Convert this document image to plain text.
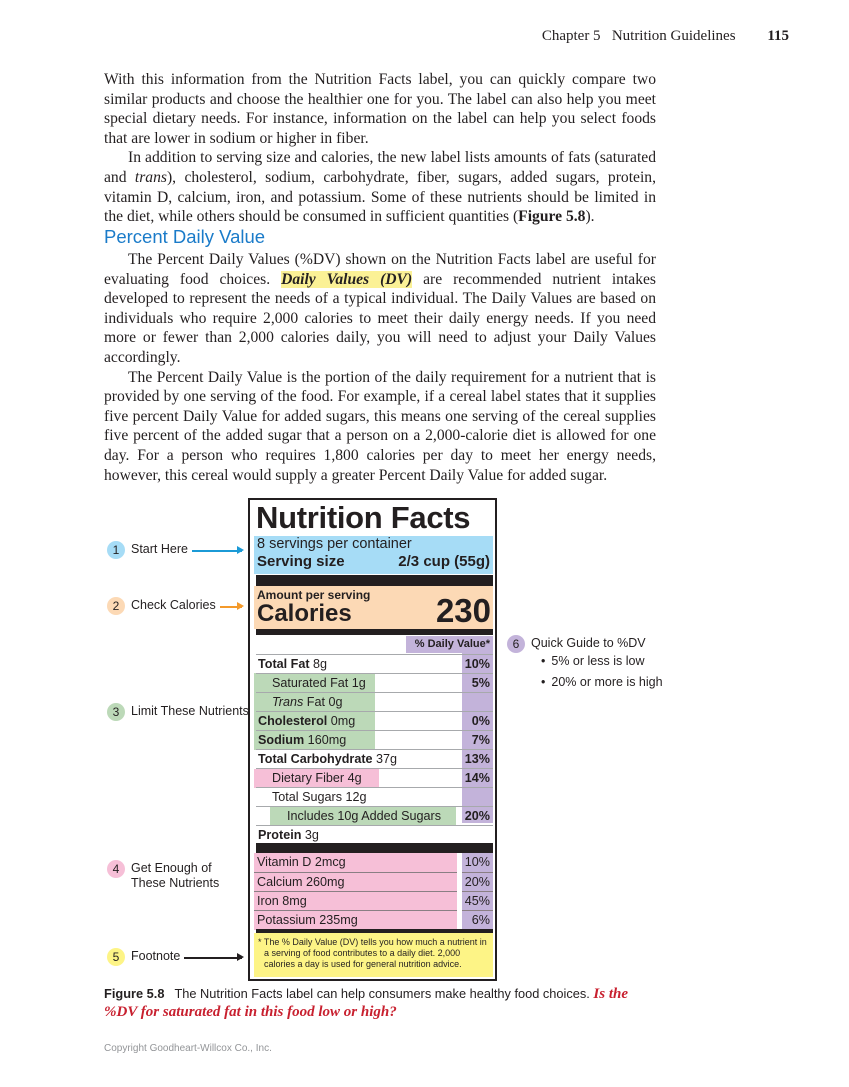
Chapter 5 Nutrition Guidelines 115

With this information from the Nutrition Facts label, you can quickly compare two similar products and choose the healthier one for you. The label can also help you meet special dietary needs. For instance, information on the label can help you select foods that are lower in sodium or higher in fiber.

In addition to serving size and calories, the new label lists amounts of fats (saturated and trans), cholesterol, sodium, carbohydrate, fiber, sugars, added sugars, protein, vitamin D, calcium, iron, and potassium. Some of these nutrients should be limited in the diet, while others should be consumed in sufficient quantities (Figure 5.8).

Percent Daily Value

The Percent Daily Values (%DV) shown on the Nutrition Facts label are useful for evaluating food choices. Daily Values (DV) are recommended nutrient intakes developed to represent the needs of a typical individual. The Daily Values are based on individuals who require 2,000 calories to meet their daily energy needs. If you need more or fewer than 2,000 calories daily, you will need to adjust your Daily Values accordingly.

The Percent Daily Value is the portion of the daily requirement for a nutrient that is provided by one serving of the food. For example, if a cereal label states that it supplies five percent Daily Value for added sugars, this means one serving of the cereal supplies five percent of the added sugar that a person on a 2,000-calorie diet is allowed for one day. For a person who requires 1,800 calories per day to meet her energy needs, however, this cereal would supply a greater Percent Daily Value for added sugar.

Nutrition Facts
8 servings per container
Serving size	2/3 cup (55g)
Amount per serving
Calories	230
% Daily Value*
Total Fat 8g	10%
Saturated Fat 1g	5%
Trans Fat 0g
Cholesterol 0mg	0%
Sodium 160mg	7%
Total Carbohydrate 37g	13%
Dietary Fiber 4g	14%
Total Sugars 12g
Includes 10g Added Sugars 20%
Protein 3g
Vitamin D 2mcg	10%
Calcium 260mg	20%
Iron 8mg	45%
Potassium 235mg	6%
* The % Daily Value (DV) tells you how much a nutrient in a serving of food contributes to a daily diet. 2,000 calories a day is used for general nutrition advice.
1 Start Here
2 Check Calories
3 Limit These Nutrients
4 Get Enough of
These Nutrients
5 Footnote
6 Quick Guide to %DV
• 5% or less is low
• 20% or more is high
Figure 5.8 The Nutrition Facts label can help consumers make healthy food choices. Is the %DV for saturated fat in this food low or high?
Copyright Goodheart-Willcox Co., Inc.
